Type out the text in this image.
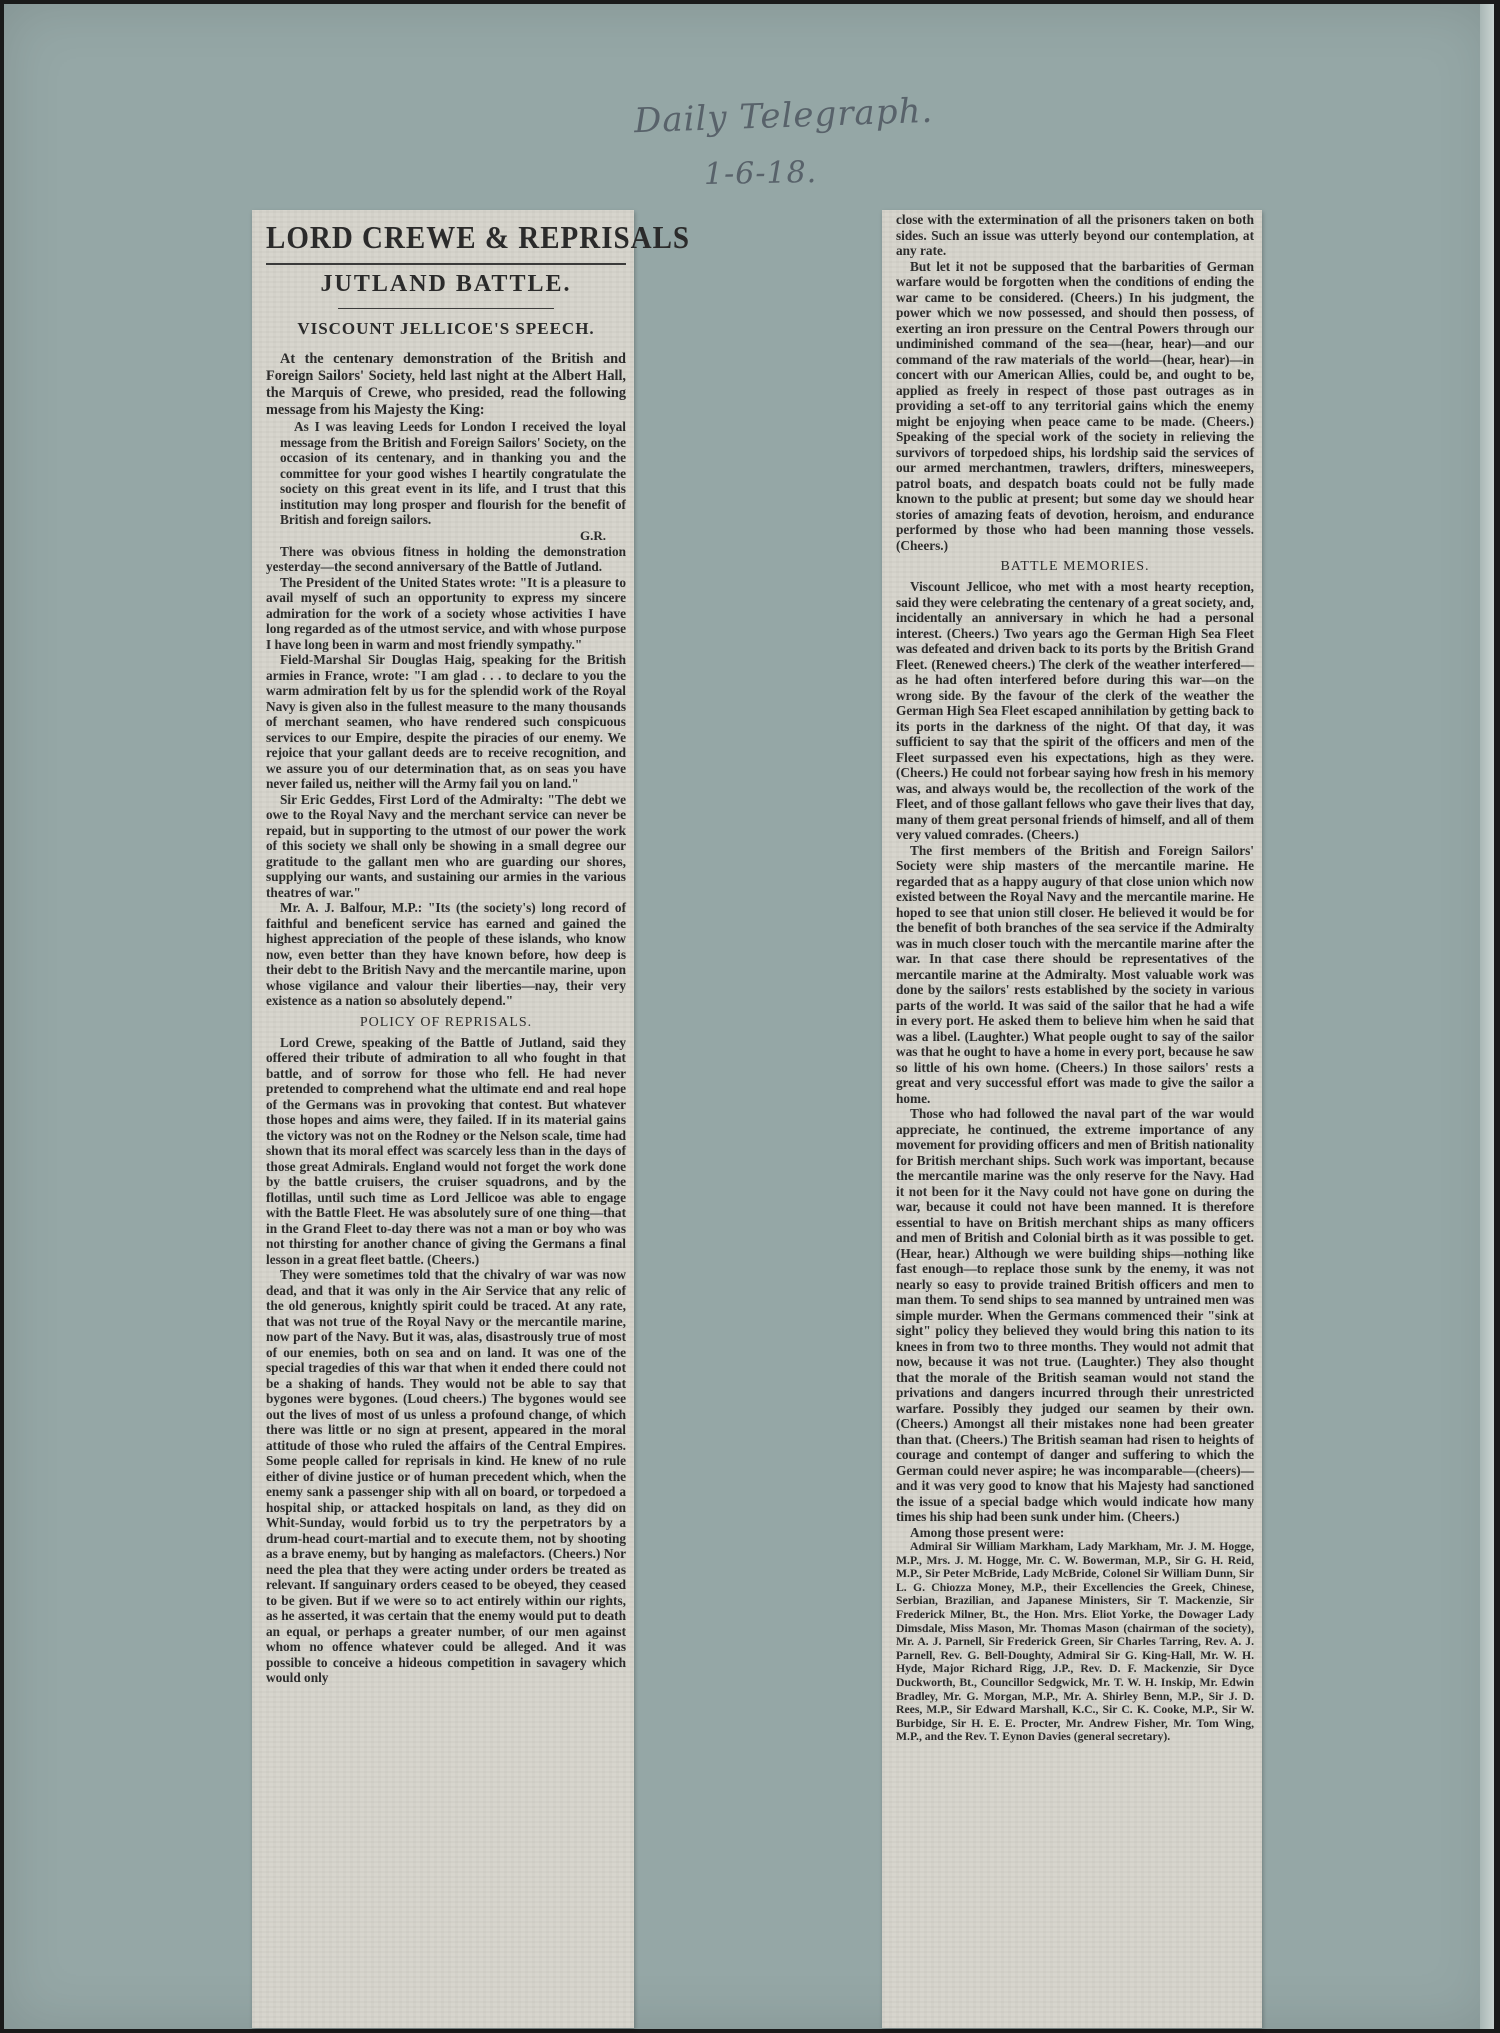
Daily Telegraph.
1-6-18.
LORD CREWE & REPRISALS
JUTLAND BATTLE.
VISCOUNT JELLICOE'S SPEECH.

At the centenary demonstration of the British and Foreign Sailors' Society, held last night at the Albert Hall, the Marquis of Crewe, who presided, read the following message from his Majesty the King:

As I was leaving Leeds for London I received the loyal message from the British and Foreign Sailors' Society, on the occasion of its centenary, and in thanking you and the committee for your good wishes I heartily congratulate the society on this great event in its life, and I trust that this institution may long prosper and flourish for the benefit of British and foreign sailors.

G.R.

There was obvious fitness in holding the demonstration yesterday—the second anniversary of the Battle of Jutland.

The President of the United States wrote: "It is a pleasure to avail myself of such an opportunity to express my sincere admiration for the work of a society whose activities I have long regarded as of the utmost service, and with whose purpose I have long been in warm and most friendly sympathy."

Field-Marshal Sir Douglas Haig, speaking for the British armies in France, wrote: "I am glad . . . to declare to you the warm admiration felt by us for the splendid work of the Royal Navy is given also in the fullest measure to the many thousands of merchant seamen, who have rendered such conspicuous services to our Empire, despite the piracies of our enemy. We rejoice that your gallant deeds are to receive recognition, and we assure you of our determination that, as on seas you have never failed us, neither will the Army fail you on land."

Sir Eric Geddes, First Lord of the Admiralty: "The debt we owe to the Royal Navy and the merchant service can never be repaid, but in supporting to the utmost of our power the work of this society we shall only be showing in a small degree our gratitude to the gallant men who are guarding our shores, supplying our wants, and sustaining our armies in the various theatres of war."

Mr. A. J. Balfour, M.P.: "Its (the society's) long record of faithful and beneficent service has earned and gained the highest appreciation of the people of these islands, who know now, even better than they have known before, how deep is their debt to the British Navy and the mercantile marine, upon whose vigilance and valour their liberties—nay, their very existence as a nation so absolutely depend."

POLICY OF REPRISALS.

Lord Crewe, speaking of the Battle of Jutland, said they offered their tribute of admiration to all who fought in that battle, and of sorrow for those who fell. He had never pretended to comprehend what the ultimate end and real hope of the Germans was in provoking that contest. But whatever those hopes and aims were, they failed. If in its material gains the victory was not on the Rodney or the Nelson scale, time had shown that its moral effect was scarcely less than in the days of those great Admirals. England would not forget the work done by the battle cruisers, the cruiser squadrons, and by the flotillas, until such time as Lord Jellicoe was able to engage with the Battle Fleet. He was absolutely sure of one thing—that in the Grand Fleet to-day there was not a man or boy who was not thirsting for another chance of giving the Germans a final lesson in a great fleet battle. (Cheers.)

They were sometimes told that the chivalry of war was now dead, and that it was only in the Air Service that any relic of the old generous, knightly spirit could be traced. At any rate, that was not true of the Royal Navy or the mercantile marine, now part of the Navy. But it was, alas, disastrously true of most of our enemies, both on sea and on land. It was one of the special tragedies of this war that when it ended there could not be a shaking of hands. They would not be able to say that bygones were bygones. (Loud cheers.) The bygones would see out the lives of most of us unless a profound change, of which there was little or no sign at present, appeared in the moral attitude of those who ruled the affairs of the Central Empires. Some people called for reprisals in kind. He knew of no rule either of divine justice or of human precedent which, when the enemy sank a passenger ship with all on board, or torpedoed a hospital ship, or attacked hospitals on land, as they did on Whit-Sunday, would forbid us to try the perpetrators by a drum-head court-martial and to execute them, not by shooting as a brave enemy, but by hanging as malefactors. (Cheers.) Nor need the plea that they were acting under orders be treated as relevant. If sanguinary orders ceased to be obeyed, they ceased to be given. But if we were so to act entirely within our rights, as he asserted, it was certain that the enemy would put to death an equal, or perhaps a greater number, of our men against whom no offence whatever could be alleged. And it was possible to conceive a hideous competition in savagery which would only

close with the extermination of all the prisoners taken on both sides. Such an issue was utterly beyond our contemplation, at any rate.

But let it not be supposed that the barbarities of German warfare would be forgotten when the conditions of ending the war came to be considered. (Cheers.) In his judgment, the power which we now possessed, and should then possess, of exerting an iron pressure on the Central Powers through our undiminished command of the sea—(hear, hear)—and our command of the raw materials of the world—(hear, hear)—in concert with our American Allies, could be, and ought to be, applied as freely in respect of those past outrages as in providing a set-off to any territorial gains which the enemy might be enjoying when peace came to be made. (Cheers.) Speaking of the special work of the society in relieving the survivors of torpedoed ships, his lordship said the services of our armed merchantmen, trawlers, drifters, minesweepers, patrol boats, and despatch boats could not be fully made known to the public at present; but some day we should hear stories of amazing feats of devotion, heroism, and endurance performed by those who had been manning those vessels. (Cheers.)

BATTLE MEMORIES.

Viscount Jellicoe, who met with a most hearty reception, said they were celebrating the centenary of a great society, and, incidentally an anniversary in which he had a personal interest. (Cheers.) Two years ago the German High Sea Fleet was defeated and driven back to its ports by the British Grand Fleet. (Renewed cheers.) The clerk of the weather interfered—as he had often interfered before during this war—on the wrong side. By the favour of the clerk of the weather the German High Sea Fleet escaped annihilation by getting back to its ports in the darkness of the night. Of that day, it was sufficient to say that the spirit of the officers and men of the Fleet surpassed even his expectations, high as they were. (Cheers.) He could not forbear saying how fresh in his memory was, and always would be, the recollection of the work of the Fleet, and of those gallant fellows who gave their lives that day, many of them great personal friends of himself, and all of them very valued comrades. (Cheers.)

The first members of the British and Foreign Sailors' Society were ship masters of the mercantile marine. He regarded that as a happy augury of that close union which now existed between the Royal Navy and the mercantile marine. He hoped to see that union still closer. He believed it would be for the benefit of both branches of the sea service if the Admiralty was in much closer touch with the mercantile marine after the war. In that case there should be representatives of the mercantile marine at the Admiralty. Most valuable work was done by the sailors' rests established by the society in various parts of the world. It was said of the sailor that he had a wife in every port. He asked them to believe him when he said that was a libel. (Laughter.) What people ought to say of the sailor was that he ought to have a home in every port, because he saw so little of his own home. (Cheers.) In those sailors' rests a great and very successful effort was made to give the sailor a home.

Those who had followed the naval part of the war would appreciate, he continued, the extreme importance of any movement for providing officers and men of British nationality for British merchant ships. Such work was important, because the mercantile marine was the only reserve for the Navy. Had it not been for it the Navy could not have gone on during the war, because it could not have been manned. It is therefore essential to have on British merchant ships as many officers and men of British and Colonial birth as it was possible to get. (Hear, hear.) Although we were building ships—nothing like fast enough—to replace those sunk by the enemy, it was not nearly so easy to provide trained British officers and men to man them. To send ships to sea manned by untrained men was simple murder. When the Germans commenced their "sink at sight" policy they believed they would bring this nation to its knees in from two to three months. They would not admit that now, because it was not true. (Laughter.) They also thought that the morale of the British seaman would not stand the privations and dangers incurred through their unrestricted warfare. Possibly they judged our seamen by their own. (Cheers.) Amongst all their mistakes none had been greater than that. (Cheers.) The British seaman had risen to heights of courage and contempt of danger and suffering to which the German could never aspire; he was incomparable—(cheers)—and it was very good to know that his Majesty had sanctioned the issue of a special badge which would indicate how many times his ship had been sunk under him. (Cheers.)

Among those present were:

Admiral Sir William Markham, Lady Markham, Mr. J. M. Hogge, M.P., Mrs. J. M. Hogge, Mr. C. W. Bowerman, M.P., Sir G. H. Reid, M.P., Sir Peter McBride, Lady McBride, Colonel Sir William Dunn, Sir L. G. Chiozza Money, M.P., their Excellencies the Greek, Chinese, Serbian, Brazilian, and Japanese Ministers, Sir T. Mackenzie, Sir Frederick Milner, Bt., the Hon. Mrs. Eliot Yorke, the Dowager Lady Dimsdale, Miss Mason, Mr. Thomas Mason (chairman of the society), Mr. A. J. Parnell, Sir Frederick Green, Sir Charles Tarring, Rev. A. J. Parnell, Rev. G. Bell-Doughty, Admiral Sir G. King-Hall, Mr. W. H. Hyde, Major Richard Rigg, J.P., Rev. D. F. Mackenzie, Sir Dyce Duckworth, Bt., Councillor Sedgwick, Mr. T. W. H. Inskip, Mr. Edwin Bradley, Mr. G. Morgan, M.P., Mr. A. Shirley Benn, M.P., Sir J. D. Rees, M.P., Sir Edward Marshall, K.C., Sir C. K. Cooke, M.P., Sir W. Burbidge, Sir H. E. E. Procter, Mr. Andrew Fisher, Mr. Tom Wing, M.P., and the Rev. T. Eynon Davies (general secretary).
